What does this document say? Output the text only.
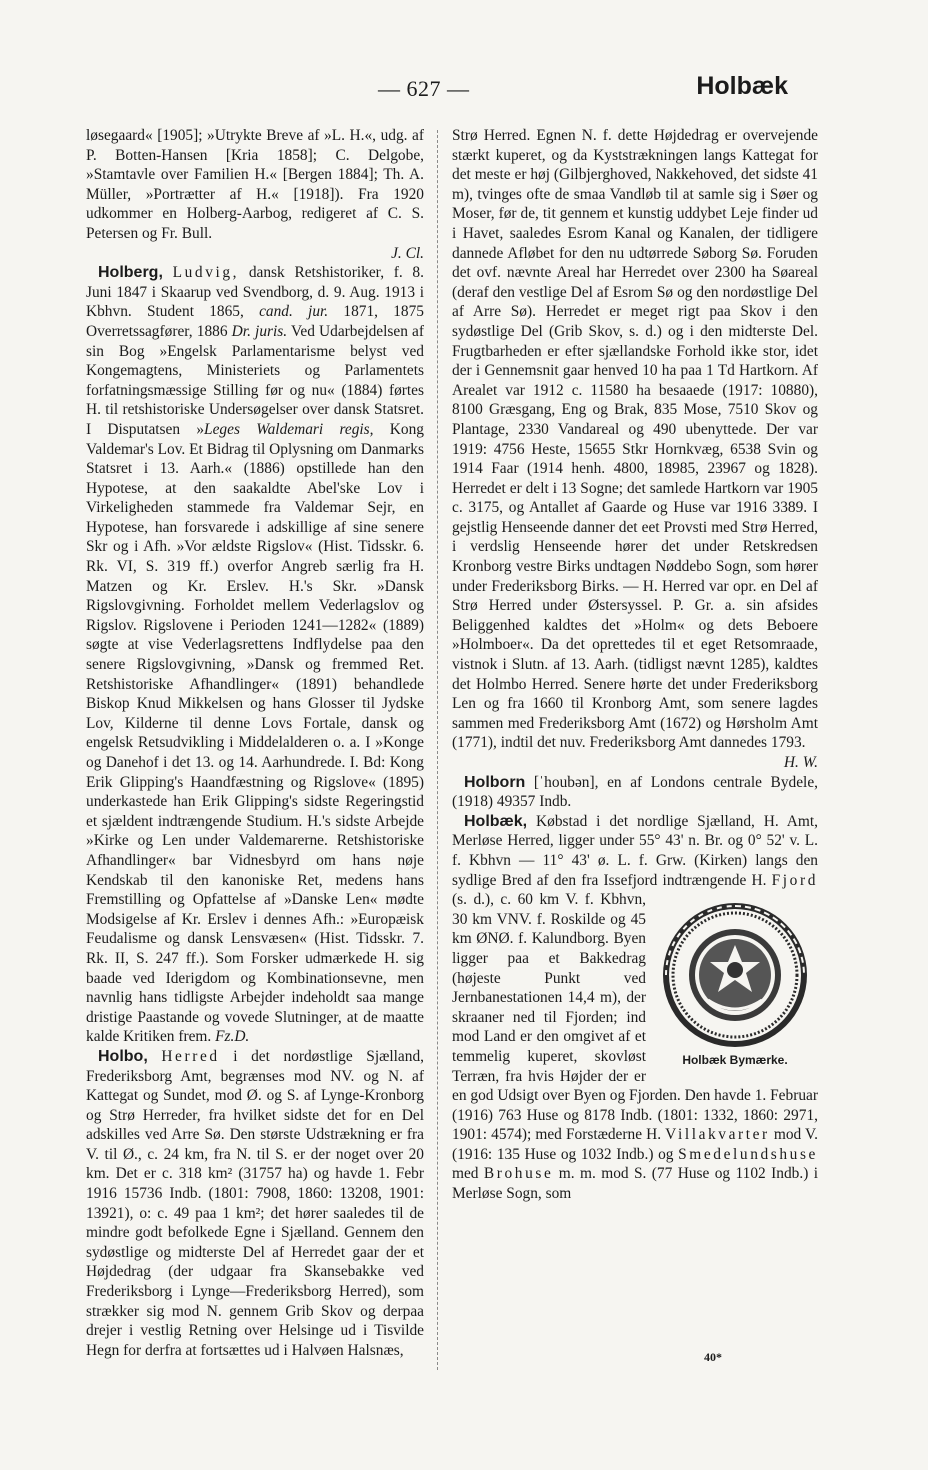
— 627 —	Holbæk

løsegaard« [1905]; »Utrykte Breve af »L. H.«, udg. af P. Botten-Hansen [Kria 1858]; C. Delgobe, »Stamtavle over Familien H.« [Bergen 1884]; Th. A. Müller, »Portrætter af H.« [1918]). Fra 1920 udkommer en Holberg-Aarbog, redigeret af C. S. Petersen og Fr. Bull.

J. Cl.

Holberg, Ludvig, dansk Retshistoriker, f. 8. Juni 1847 i Skaarup ved Svendborg, d. 9. Aug. 1913 i Kbhvn. Student 1865, cand. jur. 1871, 1875 Overretssagfører, 1886 Dr. juris. Ved Udarbejdelsen af sin Bog »Engelsk Parlamentarisme belyst ved Kongemagtens, Ministeriets og Parlamentets forfatningsmæssige Stilling før og nu« (1884) førtes H. til retshistoriske Undersøgelser over dansk Statsret. I Disputatsen »Leges Waldemari regis, Kong Valdemar's Lov. Et Bidrag til Oplysning om Danmarks Statsret i 13. Aarh.« (1886) opstillede han den Hypotese, at den saakaldte Abel'ske Lov i Virkeligheden stammede fra Valdemar Sejr, en Hypotese, han forsvarede i adskillige af sine senere Skr og i Afh. »Vor ældste Rigslov« (Hist. Tidsskr. 6. Rk. VI, S. 319 ff.) overfor Angreb særlig fra H. Matzen og Kr. Erslev. H.'s Skr. »Dansk Rigslovgivning. Forholdet mellem Vederlagslov og Rigslov. Rigslovene i Perioden 1241—1282« (1889) søgte at vise Vederlagsrettens Indflydelse paa den senere Rigslovgivning, »Dansk og fremmed Ret. Retshistoriske Afhandlinger« (1891) behandlede Biskop Knud Mikkelsen og hans Glosser til Jydske Lov, Kilderne til denne Lovs Fortale, dansk og engelsk Retsudvikling i Middelalderen o. a. I »Konge og Danehof i det 13. og 14. Aarhundrede. I. Bd: Kong Erik Glipping's Haandfæstning og Rigslove« (1895) underkastede han Erik Glipping's sidste Regeringstid et sjældent indtrængende Studium. H.'s sidste Arbejde »Kirke og Len under Valdemarerne. Retshistoriske Afhandlinger« bar Vidnesbyrd om hans nøje Kendskab til den kanoniske Ret, medens hans Fremstilling og Opfattelse af »Danske Len« mødte Modsigelse af Kr. Erslev i dennes Afh.: »Europæisk Feudalisme og dansk Lensvæsen« (Hist. Tidsskr. 7. Rk. II, S. 247 ff.). Som Forsker udmærkede H. sig baade ved Iderigdom og Kombinationsevne, men navnlig hans tidligste Arbejder indeholdt saa mange dristige Paastande og vovede Slutninger, at de maatte kalde Kritiken frem. Fz.D.

Holbo, Herred i det nordøstlige Sjælland, Frederiksborg Amt, begrænses mod NV. og N. af Kattegat og Sundet, mod Ø. og S. af Lynge-Kronborg og Strø Herreder, fra hvilket sidste det for en Del adskilles ved Arre Sø. Den største Udstrækning er fra V. til Ø., c. 24 km, fra N. til S. er der noget over 20 km. Det er c. 318 km² (31757 ha) og havde 1. Febr 1916 15736 Indb. (1801: 7908, 1860: 13208, 1901: 13921), o: c. 49 paa 1 km²; det hører saaledes til de mindre godt befolkede Egne i Sjælland. Gennem den sydøstlige og midterste Del af Herredet gaar der et Højdedrag (der udgaar fra Skansebakke ved Frederiksborg i Lynge—Frederiksborg Herred), som strækker sig mod N. gennem Grib Skov og derpaa drejer i vestlig Retning over Helsinge ud i Tisvilde Hegn for derfra at fortsættes ud i Halvøen Halsnæs,

Strø Herred. Egnen N. f. dette Højdedrag er overvejende stærkt kuperet, og da Kyststrækningen langs Kattegat for det meste er høj (Gilbjerghoved, Nakkehoved, det sidste 41 m), tvinges ofte de smaa Vandløb til at samle sig i Søer og Moser, før de, tit gennem et kunstig uddybet Leje finder ud i Havet, saaledes Esrom Kanal og Kanalen, der tidligere dannede Afløbet for den nu udtørrede Søborg Sø. Foruden det ovf. nævnte Areal har Herredet over 2300 ha Søareal (deraf den vestlige Del af Esrom Sø og den nordøstlige Del af Arre Sø). Herredet er meget rigt paa Skov i den sydøstlige Del (Grib Skov, s. d.) og i den midterste Del. Frugtbarheden er efter sjællandske Forhold ikke stor, idet der i Gennemsnit gaar henved 10 ha paa 1 Td Hartkorn. Af Arealet var 1912 c. 11580 ha besaaede (1917: 10880), 8100 Græsgang, Eng og Brak, 835 Mose, 7510 Skov og Plantage, 2330 Vandareal og 490 ubenyttede. Der var 1919: 4756 Heste, 15655 Stkr Hornkvæg, 6538 Svin og 1914 Faar (1914 henh. 4800, 18985, 23967 og 1828). Herredet er delt i 13 Sogne; det samlede Hartkorn var 1905 c. 3175, og Antallet af Gaarde og Huse var 1916 3389. I gejstlig Henseende danner det eet Provsti med Strø Herred, i verdslig Henseende hører det under Retskredsen Kronborg vestre Birks undtagen Nøddebo Sogn, som hører under Frederiksborg Birks. — H. Herred var opr. en Del af Strø Herred under Østersyssel. P. Gr. a. sin afsides Beliggenhed kaldtes det »Holm« og dets Beboere »Holmboer«. Da det oprettedes til et eget Retsomraade, vistnok i Slutn. af 13. Aarh. (tidligst nævnt 1285), kaldtes det Holmbo Herred. Senere hørte det under Frederiksborg Len og fra 1660 til Kronborg Amt, som senere lagdes sammen med Frederiksborg Amt (1672) og Hørsholm Amt (1771), indtil det nuv. Frederiksborg Amt dannedes 1793.
H. W.

Holborn [ˈhoubən], en af Londons centrale Bydele, (1918) 49357 Indb.

Holbæk, Købstad i det nordlige Sjælland, H. Amt, Merløse Herred, ligger under 55° 43' n. Br. og 0° 52' v. L. f. Kbhvn — 11° 43' ø. L. f. Grw. (Kirken) langs den sydlige Bred af den fra Issefjord indtrængende H.
Holbæk Bymærke.
Fjord (s. d.), c. 60 km V. f. Kbhvn, 30 km VNV. f. Roskilde og 45 km ØNØ. f. Kalundborg. Byen ligger paa et Bakkedrag (højeste Punkt ved Jernbanestationen 14,4 m), der skraaner ned til Fjorden; ind mod Land er den omgivet af et temmelig kuperet, skovløst Terræn, fra hvis Højder der er en god Udsigt over Byen og Fjorden. Den havde 1. Februar (1916) 763 Huse og 8178 Indb. (1801: 1332, 1860: 2971, 1901: 4574); med Forstæderne H. Villakvarter mod V. (1916: 135 Huse og 1032 Indb.) og Smedelundshuse med Brohuse m. m. mod S. (77 Huse og 1102 Indb.) i Merløse Sogn, som

40*
